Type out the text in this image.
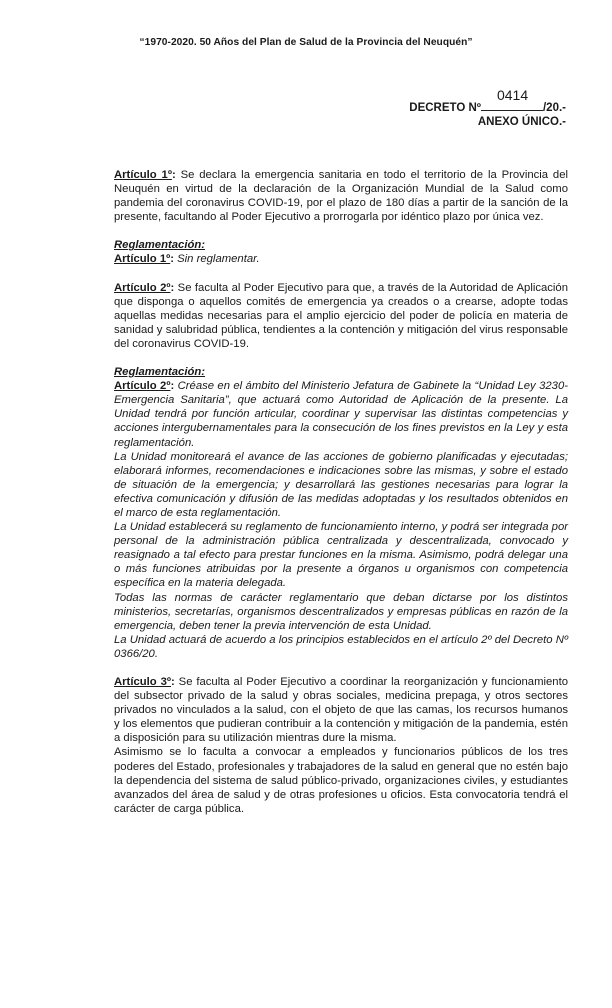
“1970-2020. 50 Años del Plan de Salud de la Provincia del Neuquén”
DECRETO Nº
0414
/20.-
ANEXO ÚNICO.-

Artículo 1º: Se declara la emergencia sanitaria en todo el territorio de la Provincia del Neuquén en virtud de la declaración de la Organización Mundial de la Salud como pandemia del coronavirus COVID-19, por el plazo de 180 días a partir de la sanción de la presente, facultando al Poder Ejecutivo a prorrogarla por idéntico plazo por única vez.

Reglamentación:

Artículo 1º: Sin reglamentar.

Artículo 2º: Se faculta al Poder Ejecutivo para que, a través de la Autoridad de Aplicación que disponga o aquellos comités de emergencia ya creados o a crearse, adopte todas aquellas medidas necesarias para el amplio ejercicio del poder de policía en materia de sanidad y salubridad pública, tendientes a la contención y mitigación del virus responsable del coronavirus COVID-19.

Reglamentación:

Artículo 2º: Créase en el ámbito del Ministerio Jefatura de Gabinete la “Unidad Ley 3230- Emergencia Sanitaria”, que actuará como Autoridad de Aplicación de la presente. La Unidad tendrá por función articular, coordinar y supervisar las distintas competencias y acciones intergubernamentales para la consecución de los fines previstos en la Ley y esta reglamentación.

La Unidad monitoreará el avance de las acciones de gobierno planificadas y ejecutadas; elaborará informes, recomendaciones e indicaciones sobre las mismas, y sobre el estado de situación de la emergencia; y desarrollará las gestiones necesarias para lograr la efectiva comunicación y difusión de las medidas adoptadas y los resultados obtenidos en el marco de esta reglamentación.

La Unidad establecerá su reglamento de funcionamiento interno, y podrá ser integrada por personal de la administración pública centralizada y descentralizada, convocado y reasignado a tal efecto para prestar funciones en la misma. Asimismo, podrá delegar una o más funciones atribuidas por la presente a órganos u organismos con competencia específica en la materia delegada.

Todas las normas de carácter reglamentario que deban dictarse por los distintos ministerios, secretarías, organismos descentralizados y empresas públicas en razón de la emergencia, deben tener la previa intervención de esta Unidad.

La Unidad actuará de acuerdo a los principios establecidos en el artículo 2º del Decreto Nº 0366/20.

Artículo 3º: Se faculta al Poder Ejecutivo a coordinar la reorganización y funcionamiento del subsector privado de la salud y obras sociales, medicina prepaga, y otros sectores privados no vinculados a la salud, con el objeto de que las camas, los recursos humanos y los elementos que pudieran contribuir a la contención y mitigación de la pandemia, estén a disposición para su utilización mientras dure la misma.

Asimismo se lo faculta a convocar a empleados y funcionarios públicos de los tres poderes del Estado, profesionales y trabajadores de la salud en general que no estén bajo la dependencia del sistema de salud público-privado, organizaciones civiles, y estudiantes avanzados del área de salud y de otras profesiones u oficios. Esta convocatoria tendrá el carácter de carga pública.
